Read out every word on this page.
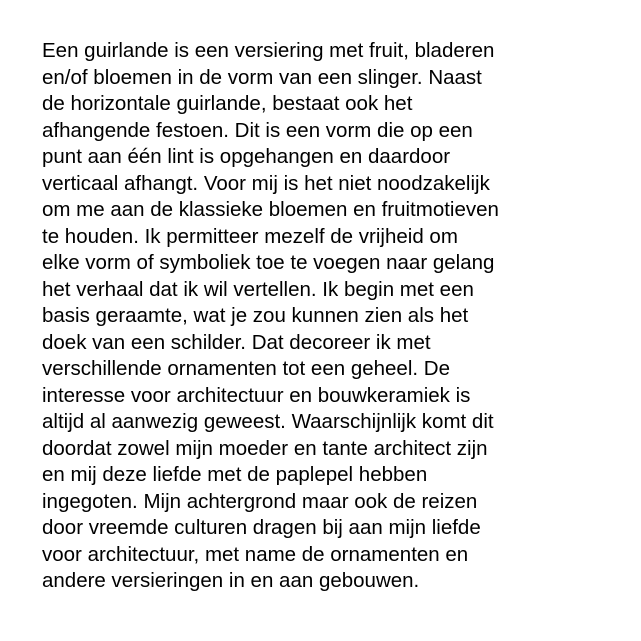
Een guirlande is een versiering met fruit, bladeren
en/of bloemen in de vorm van een slinger. Naast
de horizontale guirlande, bestaat ook het
afhangende festoen. Dit is een vorm die op een
punt aan één lint is opgehangen en daardoor
verticaal afhangt. Voor mij is het niet noodzakelijk
om me aan de klassieke bloemen en fruitmotieven
te houden. Ik permitteer mezelf de vrijheid om
elke vorm of symboliek toe te voegen naar gelang
het verhaal dat ik wil vertellen. Ik begin met een
basis geraamte, wat je zou kunnen zien als het
doek van een schilder. Dat decoreer ik met
verschillende ornamenten tot een geheel. De
interesse voor architectuur en bouwkeramiek is
altijd al aanwezig geweest. Waarschijnlijk komt dit
doordat zowel mijn moeder en tante architect zijn
en mij deze liefde met de paplepel hebben
ingegoten. Mijn achtergrond maar ook de reizen
door vreemde culturen dragen bij aan mijn liefde
voor architectuur, met name de ornamenten en
andere versieringen in en aan gebouwen.
